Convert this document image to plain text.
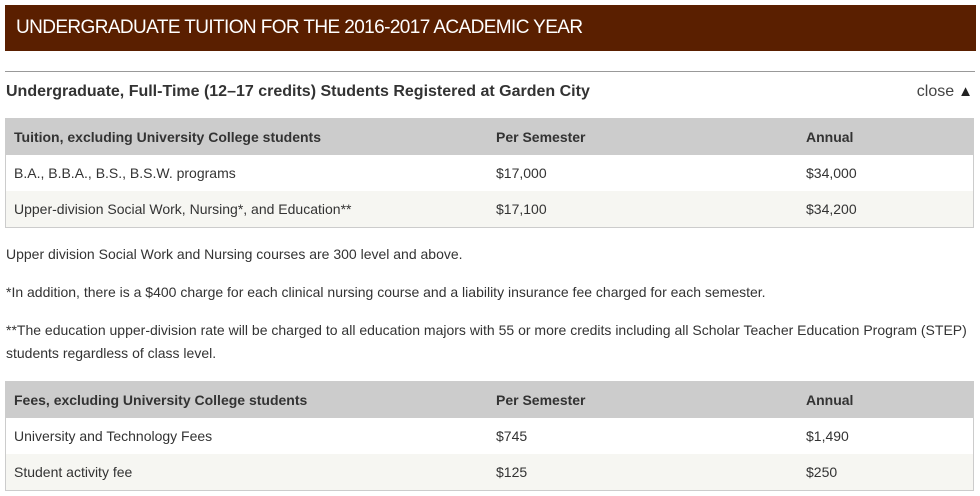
UNDERGRADUATE TUITION FOR THE 2016-2017 ACADEMIC YEAR
Undergraduate, Full-Time (12–17 credits) Students Registered at Garden City	close ▲
Tuition, excluding University College students	Per Semester	Annual
B.A., B.B.A., B.S., B.S.W. programs	$17,000	$34,000
Upper-division Social Work, Nursing*, and Education**	$17,100	$34,200
Upper division Social Work and Nursing courses are 300 level and above.
*In addition, there is a $400 charge for each clinical nursing course and a liability insurance fee charged for each semester.
**The education upper-division rate will be charged to all education majors with 55 or more credits including all Scholar Teacher Education Program (STEP) students regardless of class level.
Fees, excluding University College students	Per Semester	Annual
University and Technology Fees	$745	$1,490
Student activity fee	$125	$250
